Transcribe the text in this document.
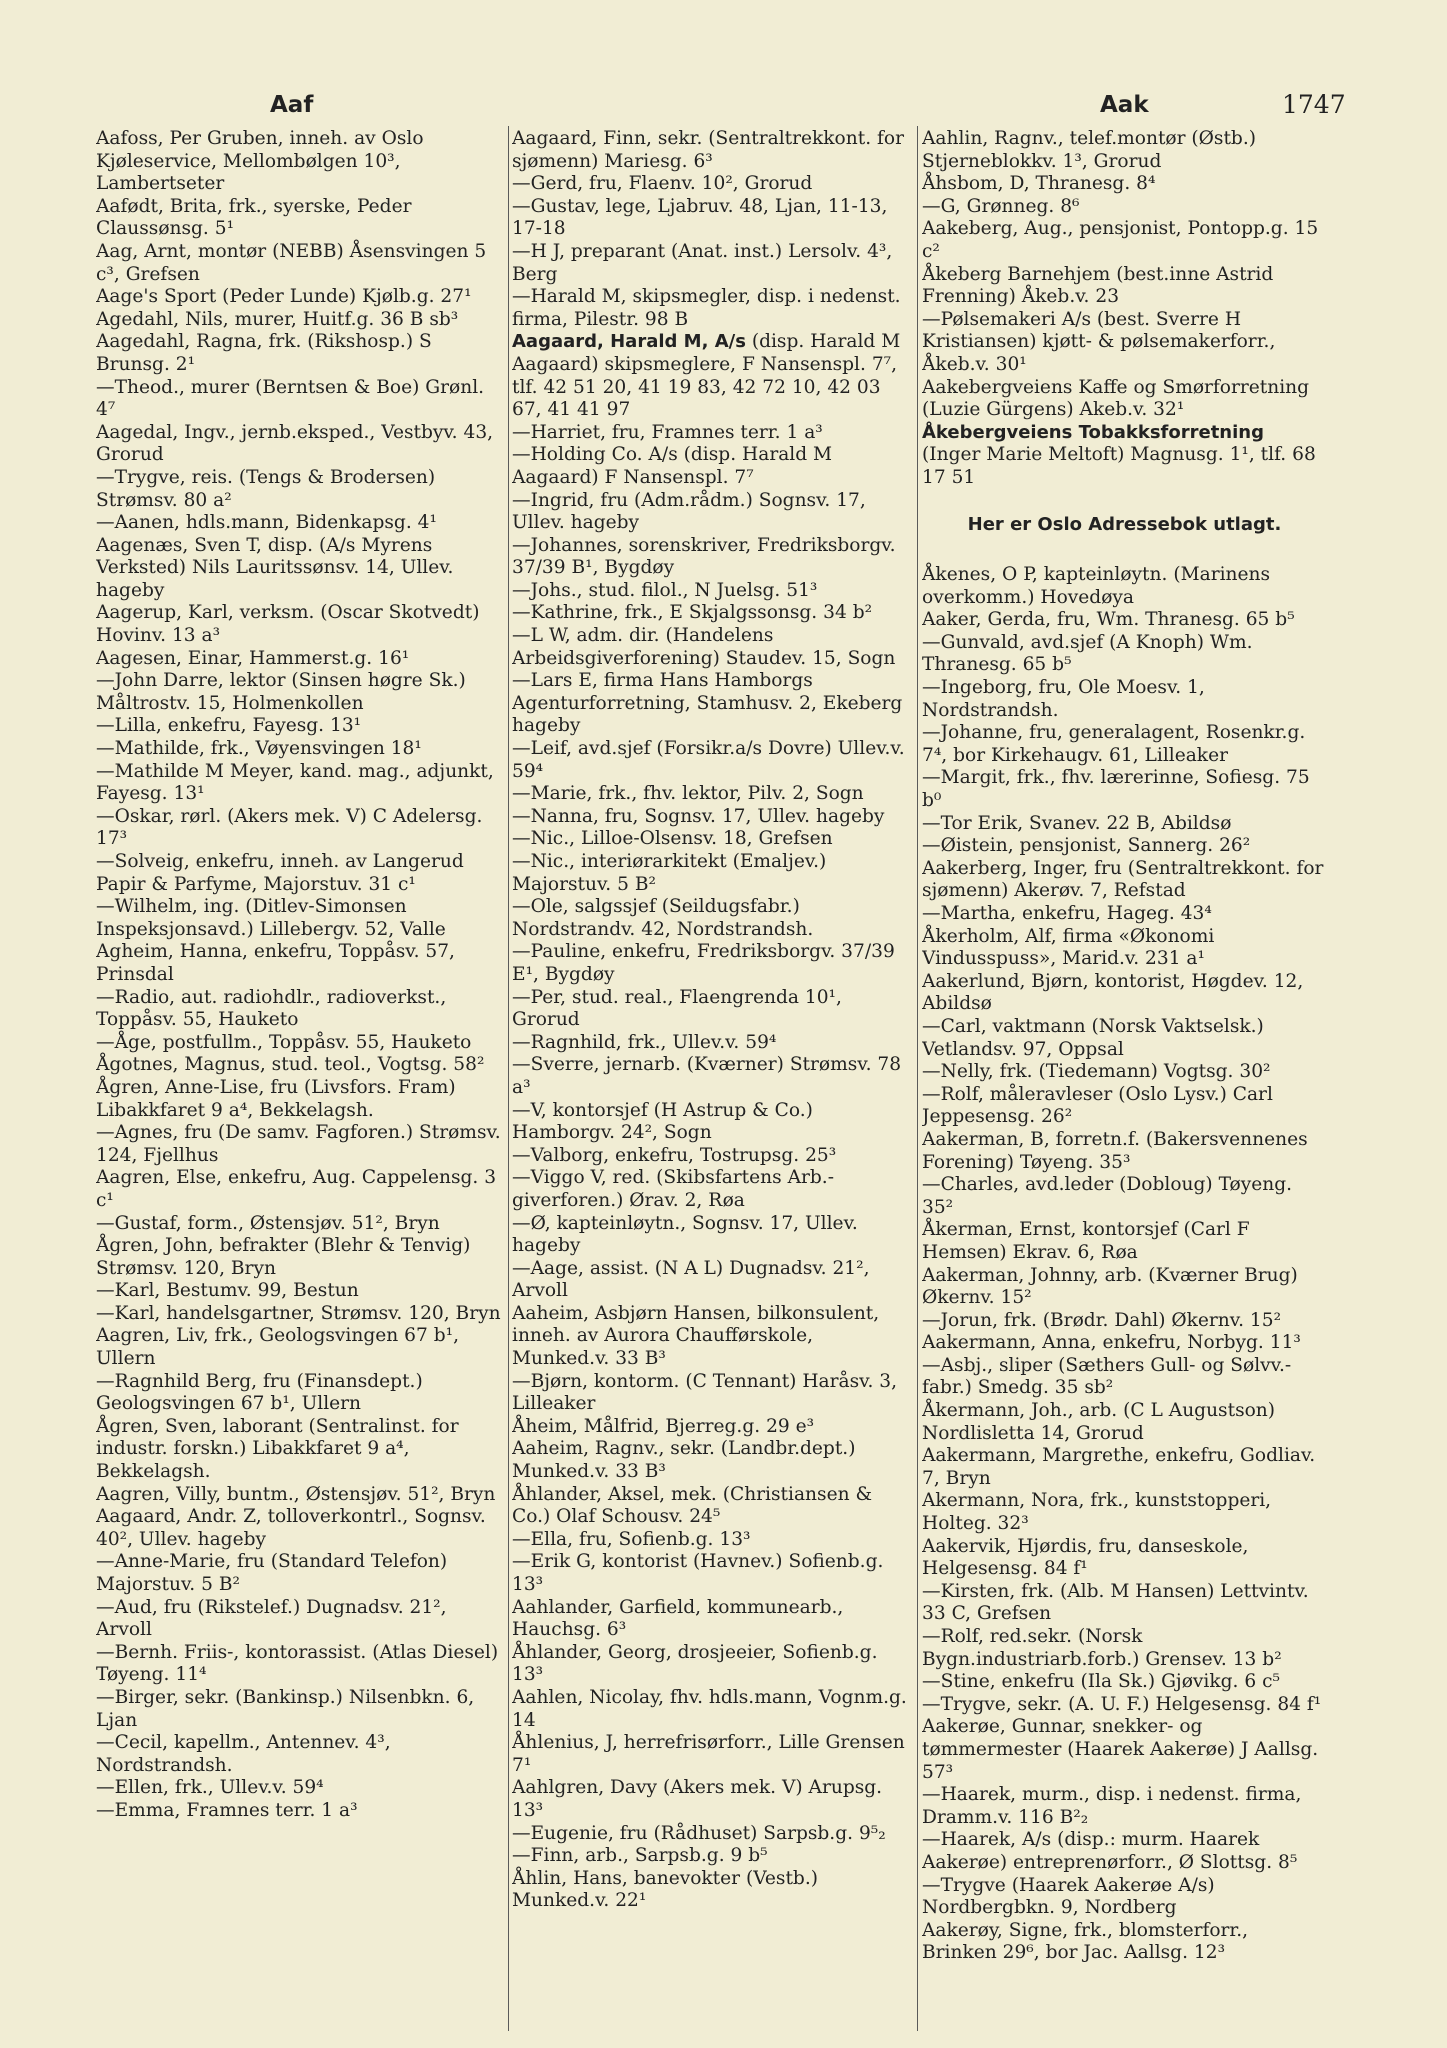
Aaf	Aak	1747

Aafoss, Per Gruben, inneh. av Oslo Kjøleservice, Mellombølgen 10³, Lambertseter

Aafødt, Brita, frk., syerske, Peder Claussønsg. 5¹

Aag, Arnt, montør (NEBB) Åsensvingen 5 c³, Grefsen

Aage's Sport (Peder Lunde) Kjølb.g. 27¹

Agedahl, Nils, murer, Huitf.g. 36 B sb³

Aagedahl, Ragna, frk. (Rikshosp.) S Brunsg. 2¹

—Theod., murer (Berntsen & Boe) Grønl. 4⁷

Aagedal, Ingv., jernb.eksped., Vestbyv. 43, Grorud

—Trygve, reis. (Tengs & Brodersen) Strømsv. 80 a²

—Aanen, hdls.mann, Bidenkapsg. 4¹

Aagenæs, Sven T, disp. (A/s Myrens Verksted) Nils Lauritssønsv. 14, Ullev. hageby

Aagerup, Karl, verksm. (Oscar Skotvedt) Hovinv. 13 a³

Aagesen, Einar, Hammerst.g. 16¹

—John Darre, lektor (Sinsen høgre Sk.) Måltrostv. 15, Holmenkollen

—Lilla, enkefru, Fayesg. 13¹

—Mathilde, frk., Vøyensvingen 18¹

—Mathilde M Meyer, kand. mag., adjunkt, Fayesg. 13¹

—Oskar, rørl. (Akers mek. V) C Adelersg. 17³

—Solveig, enkefru, inneh. av Langerud Papir & Parfyme, Majorstuv. 31 c¹

—Wilhelm, ing. (Ditlev-Simonsen Inspeksjonsavd.) Lillebergv. 52, Valle

Agheim, Hanna, enkefru, Toppåsv. 57, Prinsdal

—Radio, aut. radiohdlr., radioverkst., Toppåsv. 55, Hauketo

—Åge, postfullm., Toppåsv. 55, Hauketo

Ågotnes, Magnus, stud. teol., Vogtsg. 58²

Ågren, Anne-Lise, fru (Livsfors. Fram) Libakkfaret 9 a⁴, Bekkelagsh.

—Agnes, fru (De samv. Fagforen.) Strømsv. 124, Fjellhus

Aagren, Else, enkefru, Aug. Cappelensg. 3 c¹

—Gustaf, form., Østensjøv. 51², Bryn

Ågren, John, befrakter (Blehr & Tenvig) Strømsv. 120, Bryn

—Karl, Bestumv. 99, Bestun

—Karl, handelsgartner, Strømsv. 120, Bryn

Aagren, Liv, frk., Geologsvingen 67 b¹, Ullern

—Ragnhild Berg, fru (Finansdept.) Geologsvingen 67 b¹, Ullern

Ågren, Sven, laborant (Sentralinst. for industr. forskn.) Libakkfaret 9 a⁴, Bekkelagsh.

Aagren, Villy, buntm., Østensjøv. 51², Bryn

Aagaard, Andr. Z, tolloverkontrl., Sognsv. 40², Ullev. hageby

—Anne-Marie, fru (Standard Telefon) Majorstuv. 5 B²

—Aud, fru (Rikstelef.) Dugnadsv. 21², Arvoll

—Bernh. Friis-, kontorassist. (Atlas Diesel) Tøyeng. 11⁴

—Birger, sekr. (Bankinsp.) Nilsenbkn. 6, Ljan

—Cecil, kapellm., Antennev. 4³, Nordstrandsh.

—Ellen, frk., Ullev.v. 59⁴

—Emma, Framnes terr. 1 a³

Aagaard, Finn, sekr. (Sentraltrekkont. for sjømenn) Mariesg. 6³

—Gerd, fru, Flaenv. 10², Grorud

—Gustav, lege, Ljabruv. 48, Ljan, 11-13, 17-18

—H J, preparant (Anat. inst.) Lersolv. 4³, Berg

—Harald M, skipsmegler, disp. i nedenst. firma, Pilestr. 98 B

Aagaard, Harald M, A/s (disp. Harald M Aagaard) skipsmeglere, F Nansenspl. 7⁷, tlf. 42 51 20, 41 19 83, 42 72 10, 42 03 67, 41 41 97

—Harriet, fru, Framnes terr. 1 a³

—Holding Co. A/s (disp. Harald M Aagaard) F Nansenspl. 7⁷

—Ingrid, fru (Adm.rådm.) Sognsv. 17, Ullev. hageby

—Johannes, sorenskriver, Fredriksborgv. 37/39 B¹, Bygdøy

—Johs., stud. filol., N Juelsg. 51³

—Kathrine, frk., E Skjalgssonsg. 34 b²

—L W, adm. dir. (Handelens Arbeidsgiverforening) Staudev. 15, Sogn

—Lars E, firma Hans Hamborgs Agenturforretning, Stamhusv. 2, Ekeberg hageby

—Leif, avd.sjef (Forsikr.a/s Dovre) Ullev.v. 59⁴

—Marie, frk., fhv. lektor, Pilv. 2, Sogn

—Nanna, fru, Sognsv. 17, Ullev. hageby

—Nic., Lilloe-Olsensv. 18, Grefsen

—Nic., interiørarkitekt (Emaljev.) Majorstuv. 5 B²

—Ole, salgssjef (Seildugsfabr.) Nordstrandv. 42, Nordstrandsh.

—Pauline, enkefru, Fredriksborgv. 37/39 E¹, Bygdøy

—Per, stud. real., Flaengrenda 10¹, Grorud

—Ragnhild, frk., Ullev.v. 59⁴

—Sverre, jernarb. (Kværner) Strømsv. 78 a³

—V, kontorsjef (H Astrup & Co.) Hamborgv. 24², Sogn

—Valborg, enkefru, Tostrupsg. 25³

—Viggo V, red. (Skibsfartens Arb.-giverforen.) Ørav. 2, Røa

—Ø, kapteinløytn., Sognsv. 17, Ullev. hageby

—Aage, assist. (N A L) Dugnadsv. 21², Arvoll

Aaheim, Asbjørn Hansen, bilkonsulent, inneh. av Aurora Chaufførskole, Munked.v. 33 B³

—Bjørn, kontorm. (C Tennant) Haråsv. 3, Lilleaker

Åheim, Målfrid, Bjerreg.g. 29 e³

Aaheim, Ragnv., sekr. (Landbr.dept.) Munked.v. 33 B³

Åhlander, Aksel, mek. (Christiansen & Co.) Olaf Schousv. 24⁵

—Ella, fru, Sofienb.g. 13³

—Erik G, kontorist (Havnev.) Sofienb.g. 13³

Aahlander, Garfield, kommunearb., Hauchsg. 6³

Åhlander, Georg, drosjeeier, Sofienb.g. 13³

Aahlen, Nicolay, fhv. hdls.mann, Vognm.g. 14

Åhlenius, J, herrefrisørforr., Lille Grensen 7¹

Aahlgren, Davy (Akers mek. V) Arupsg. 13³

—Eugenie, fru (Rådhuset) Sarpsb.g. 9⁵₂

—Finn, arb., Sarpsb.g. 9 b⁵

Åhlin, Hans, banevokter (Vestb.) Munked.v. 22¹

Aahlin, Ragnv., telef.montør (Østb.) Stjerneblokkv. 1³, Grorud

Åhsbom, D, Thranesg. 8⁴

—G, Grønneg. 8⁶

Aakeberg, Aug., pensjonist, Pontopp.g. 15 c²

Åkeberg Barnehjem (best.inne Astrid Frenning) Åkeb.v. 23

—Pølsemakeri A/s (best. Sverre H Kristiansen) kjøtt- & pølsemakerforr., Åkeb.v. 30¹

Aakebergveiens Kaffe og Smørforretning (Luzie Gürgens) Akeb.v. 32¹

Åkebergveiens Tobakksforretning (Inger Marie Meltoft) Magnusg. 1¹, tlf. 68 17 51

Her er Oslo Adressebok utlagt.

Åkenes, O P, kapteinløytn. (Marinens overkomm.) Hovedøya

Aaker, Gerda, fru, Wm. Thranesg. 65 b⁵

—Gunvald, avd.sjef (A Knoph) Wm. Thranesg. 65 b⁵

—Ingeborg, fru, Ole Moesv. 1, Nordstrandsh.

—Johanne, fru, generalagent, Rosenkr.g. 7⁴, bor Kirkehaugv. 61, Lilleaker

—Margit, frk., fhv. lærerinne, Sofiesg. 75 b⁰

—Tor Erik, Svanev. 22 B, Abildsø

—Øistein, pensjonist, Sannerg. 26²

Aakerberg, Inger, fru (Sentraltrekkont. for sjømenn) Akerøv. 7, Refstad

—Martha, enkefru, Hageg. 43⁴

Åkerholm, Alf, firma «Økonomi Vindusspuss», Marid.v. 231 a¹

Aakerlund, Bjørn, kontorist, Høgdev. 12, Abildsø

—Carl, vaktmann (Norsk Vaktselsk.) Vetlandsv. 97, Oppsal

—Nelly, frk. (Tiedemann) Vogtsg. 30²

—Rolf, måleravleser (Oslo Lysv.) Carl Jeppesensg. 26²

Aakerman, B, forretn.f. (Bakersvennenes Forening) Tøyeng. 35³

—Charles, avd.leder (Dobloug) Tøyeng. 35²

Åkerman, Ernst, kontorsjef (Carl F Hemsen) Ekrav. 6, Røa

Aakerman, Johnny, arb. (Kværner Brug) Økernv. 15²

—Jorun, frk. (Brødr. Dahl) Økernv. 15²

Aakermann, Anna, enkefru, Norbyg. 11³

—Asbj., sliper (Sæthers Gull- og Sølvv.-fabr.) Smedg. 35 sb²

Åkermann, Joh., arb. (C L Augustson) Nordlisletta 14, Grorud

Aakermann, Margrethe, enkefru, Godliav. 7, Bryn

Akermann, Nora, frk., kunststopperi, Holteg. 32³

Aakervik, Hjørdis, fru, danseskole, Helgesensg. 84 f¹

—Kirsten, frk. (Alb. M Hansen) Lettvintv. 33 C, Grefsen

—Rolf, red.sekr. (Norsk Bygn.industriarb.forb.) Grensev. 13 b²

—Stine, enkefru (Ila Sk.) Gjøvikg. 6 c⁵

—Trygve, sekr. (A. U. F.) Helgesensg. 84 f¹

Aakerøe, Gunnar, snekker- og tømmermester (Haarek Aakerøe) J Aallsg. 57³

—Haarek, murm., disp. i nedenst. firma, Dramm.v. 116 B²₂

—Haarek, A/s (disp.: murm. Haarek Aakerøe) entreprenørforr., Ø Slottsg. 8⁵

—Trygve (Haarek Aakerøe A/s) Nordbergbkn. 9, Nordberg

Aakerøy, Signe, frk., blomsterforr., Brinken 29⁶, bor Jac. Aallsg. 12³
